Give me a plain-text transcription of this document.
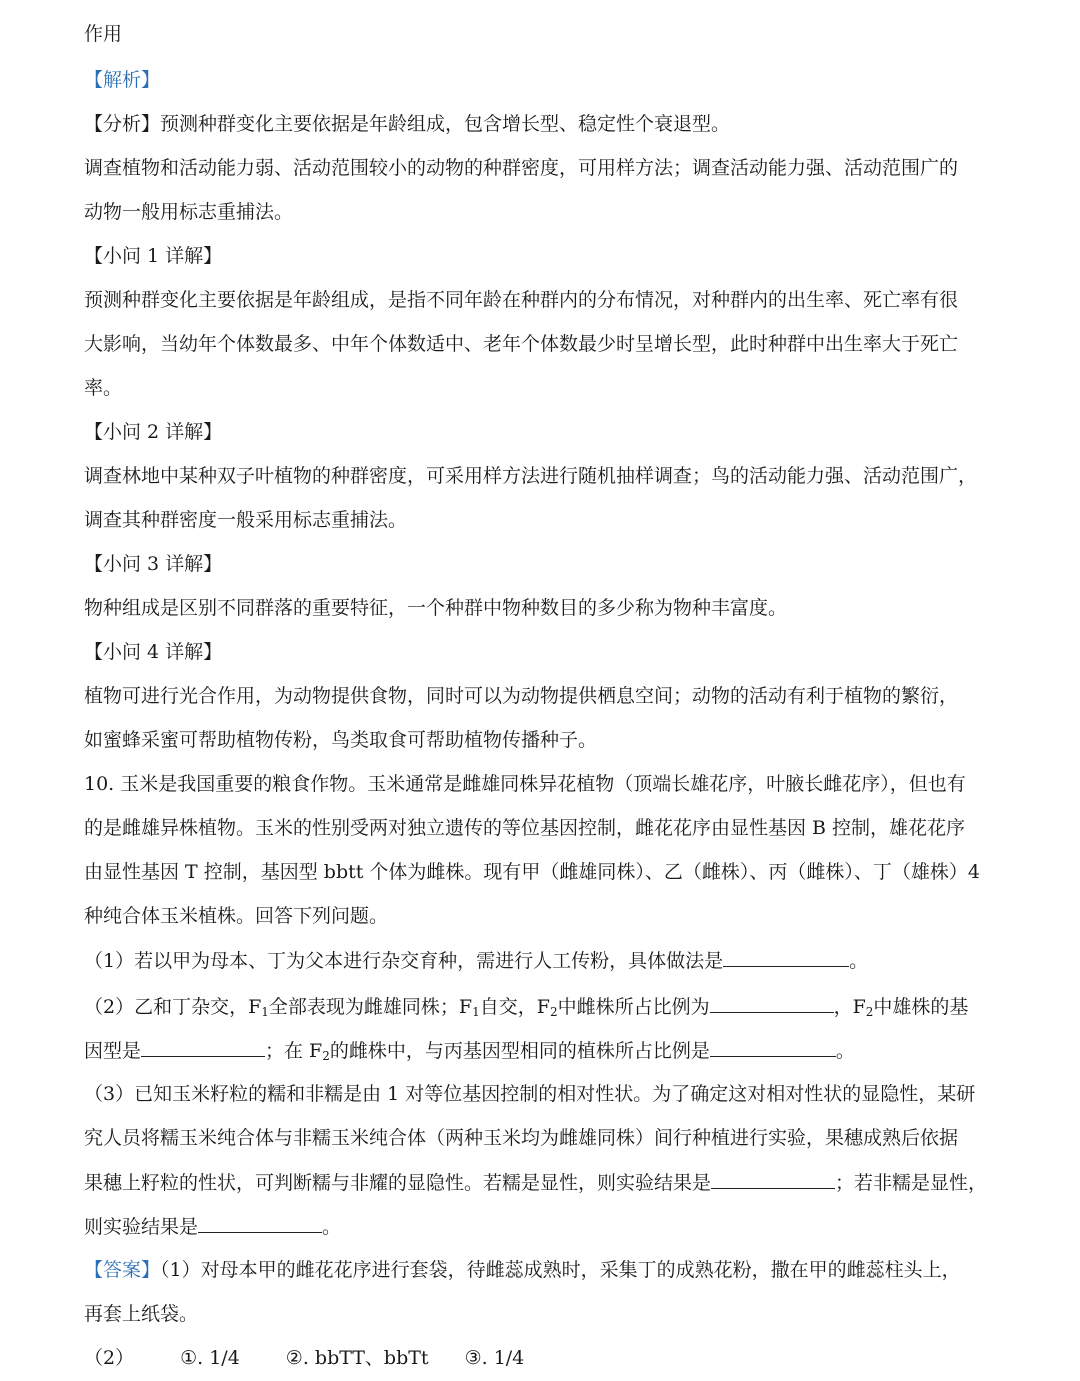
作用
【解析】
【分析】预测种群变化主要依据是年龄组成，包含增长型、稳定性个衰退型。
调查植物和活动能力弱、活动范围较小的动物的种群密度，可用样方法；调查活动能力强、活动范围广的
动物一般用标志重捕法。
【小问 1 详解】
预测种群变化主要依据是年龄组成，是指不同年龄在种群内的分布情况，对种群内的出生率、死亡率有很
大影响，当幼年个体数最多、中年个体数适中、老年个体数最少时呈增长型，此时种群中出生率大于死亡
率。
【小问 2 详解】
调查林地中某种双子叶植物的种群密度，可采用样方法进行随机抽样调查；鸟的活动能力强、活动范围广，
调查其种群密度一般采用标志重捕法。
【小问 3 详解】
物种组成是区别不同群落的重要特征，一个种群中物种数目的多少称为物种丰富度。
【小问 4 详解】
植物可进行光合作用，为动物提供食物，同时可以为动物提供栖息空间；动物的活动有利于植物的繁衍，
如蜜蜂采蜜可帮助植物传粉，鸟类取食可帮助植物传播种子。
10. 玉米是我国重要的粮食作物。玉米通常是雌雄同株异花植物（顶端长雄花序，叶腋长雌花序），但也有
的是雌雄异株植物。玉米的性别受两对独立遗传的等位基因控制，雌花花序由显性基因 B 控制，雄花花序
由显性基因 T 控制，基因型 bbtt 个体为雌株。现有甲（雌雄同株）、乙（雌株）、丙（雌株）、丁（雄株）4
种纯合体玉米植株。回答下列问题。
（1）若以甲为母本、丁为父本进行杂交育种，需进行人工传粉，具体做法是	。
（2）乙和丁杂交，$F_1$全部表现为雌雄同株；$F_1$自交，$F_2$中雌株所占比例为	，$F_2$中雄株的基
因型是	；在 $F_2$的雌株中，与丙基因型相同的植株所占比例是	。
（3）已知玉米籽粒的糯和非糯是由 1 对等位基因控制的相对性状。为了确定这对相对性状的显隐性，某研
究人员将糯玉米纯合体与非糯玉米纯合体（两种玉米均为雌雄同株）间行种植进行实验，果穗成熟后依据
果穗上籽粒的性状，可判断糯与非耀的显隐性。若糯是显性，则实验结果是	；若非糯是显性，
则实验结果是	。
【答案】（1）对母本甲的雌花花序进行套袋，待雌蕊成熟时，采集丁的成熟花粉，撒在甲的雌蕊柱头上，
再套上纸袋。
（2） ①. 1/4 ②. bbTT、bbTt ③. 1/4
